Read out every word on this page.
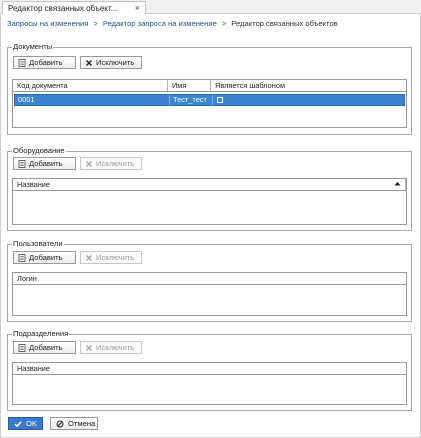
Редактор связанных объект... ×
Запросы на изменения > Редактор запроса на изменение > Редактор связанных объектов
Документы
Добавить	Исключить
Код документа	Имя	Является шаблоном
0001	Тест_тест
Оборудование
Добавить	Исключить
Название
Пользователи
Добавить	Исключить
Логин
Подразделения
Добавить	Исключить
Название
OK	Отмена
